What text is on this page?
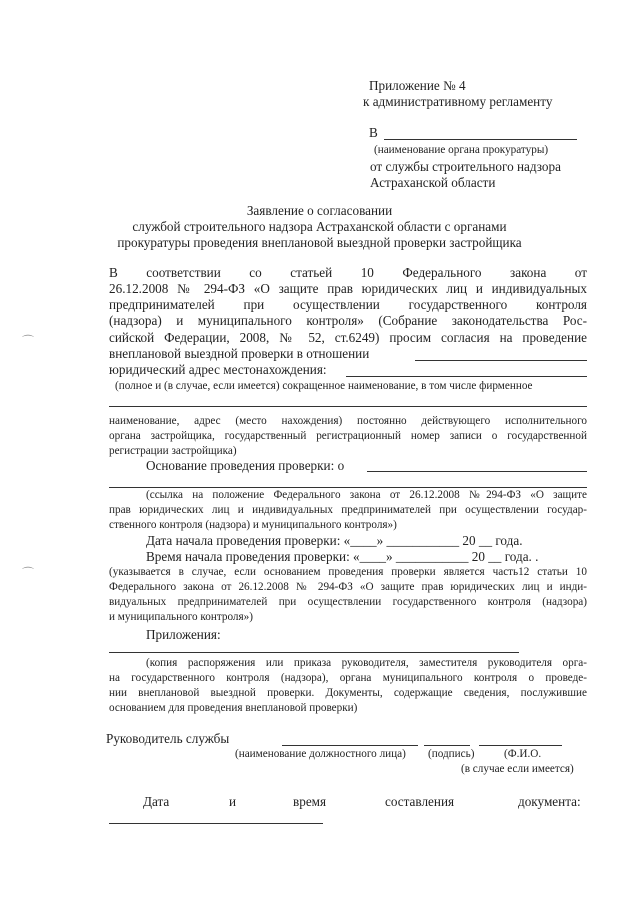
⌒
⌒
Приложение № 4
к административному регламенту
В
(наименование органа прокуратуры)
от службы строительного надзора
Астраханской области
Заявление о согласовании
службой строительного надзора Астраханской области с органами
прокуратуры проведения внеплановой выездной проверки застройщика
В соответствии со статьей 10 Федерального закона от
26.12.2008 № 294-ФЗ «О защите прав юридических лиц и индивидуальных
предпринимателей при осуществлении государственного контроля
(надзора) и муниципального контроля» (Собрание законодательства Рос-
сийской Федерации, 2008, № 52, ст.6249) просим согласия на проведение
внеплановой выездной проверки в отношении
юридический адрес местонахождения:
(полное и (в случае, если имеется) сокращенное наименование, в том числе фирменное
наименование, адрес (место нахождения) постоянно действующего исполнительного
органа застройщика, государственный регистрационный номер записи о государственной
регистрации застройщика)
Основание проведения проверки: о
(ссылка на положение Федерального закона от 26.12.2008 №294-ФЗ «О защите
прав юридических лиц и индивидуальных предпринимателей при осуществлении государ-
ственного контроля (надзора) и муниципального контроля»)
Дата начала проведения проверки: «____» ___________ 20 __ года.
Время начала проведения проверки: «____» ___________ 20 __ года. .
(указывается в случае, если основанием проведения проверки является часть12 статьи 10
Федерального закона от 26.12.2008 № 294-ФЗ «О защите прав юридических лиц и инди-
видуальных предпринимателей при осуществлении государственного контроля (надзора)
и муниципального контроля»)
Приложения:
(копия распоряжения или приказа руководителя, заместителя руководителя орга-
на государственного контроля (надзора), органа муниципального контроля о проведе-
нии внеплановой выездной проверки. Документы, содержащие сведения, послужившие
основанием для проведения внеплановой проверки)
Руководитель службы
(наименование должностного лица) (подпись)	(Ф.И.О.
(в случае если имеется)
Дата	и	время	составления	документа:
